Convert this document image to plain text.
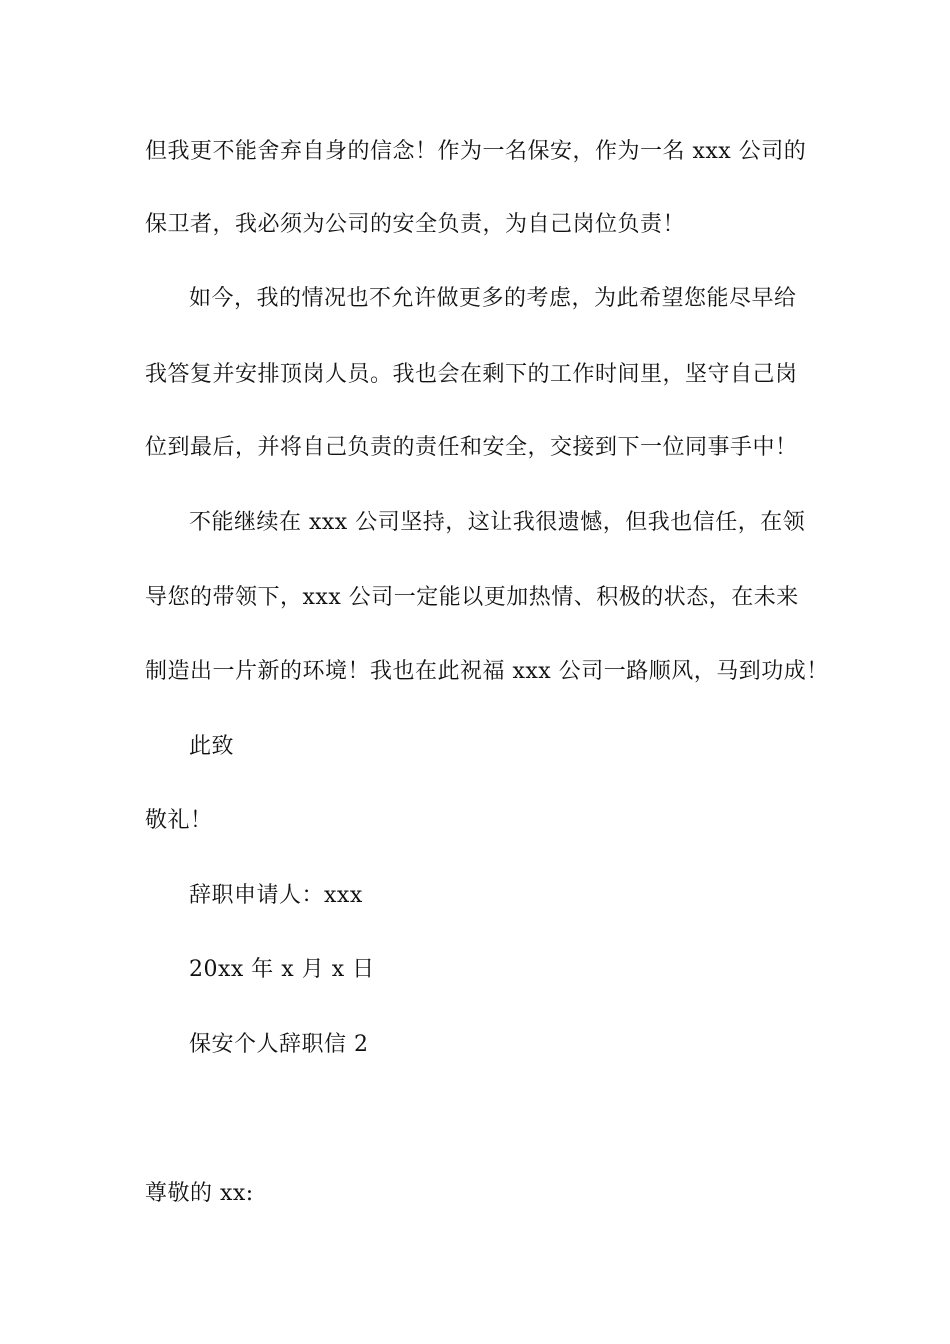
但我更不能舍弃自身的信念！作为一名保安，作为一名 xxx 公司的
保卫者，我必须为公司的安全负责，为自己岗位负责！
如今，我的情况也不允许做更多的考虑，为此希望您能尽早给
我答复并安排顶岗人员。我也会在剩下的工作时间里，坚守自己岗
位到最后，并将自己负责的责任和安全，交接到下一位同事手中！
不能继续在 xxx 公司坚持，这让我很遗憾，但我也信任，在领
导您的带领下，xxx 公司一定能以更加热情、积极的状态，在未来
制造出一片新的环境！我也在此祝福 xxx 公司一路顺风，马到功成！
此致
敬礼！
辞职申请人：xxx
20xx 年 x 月 x 日
保安个人辞职信 2
尊敬的 xx:
